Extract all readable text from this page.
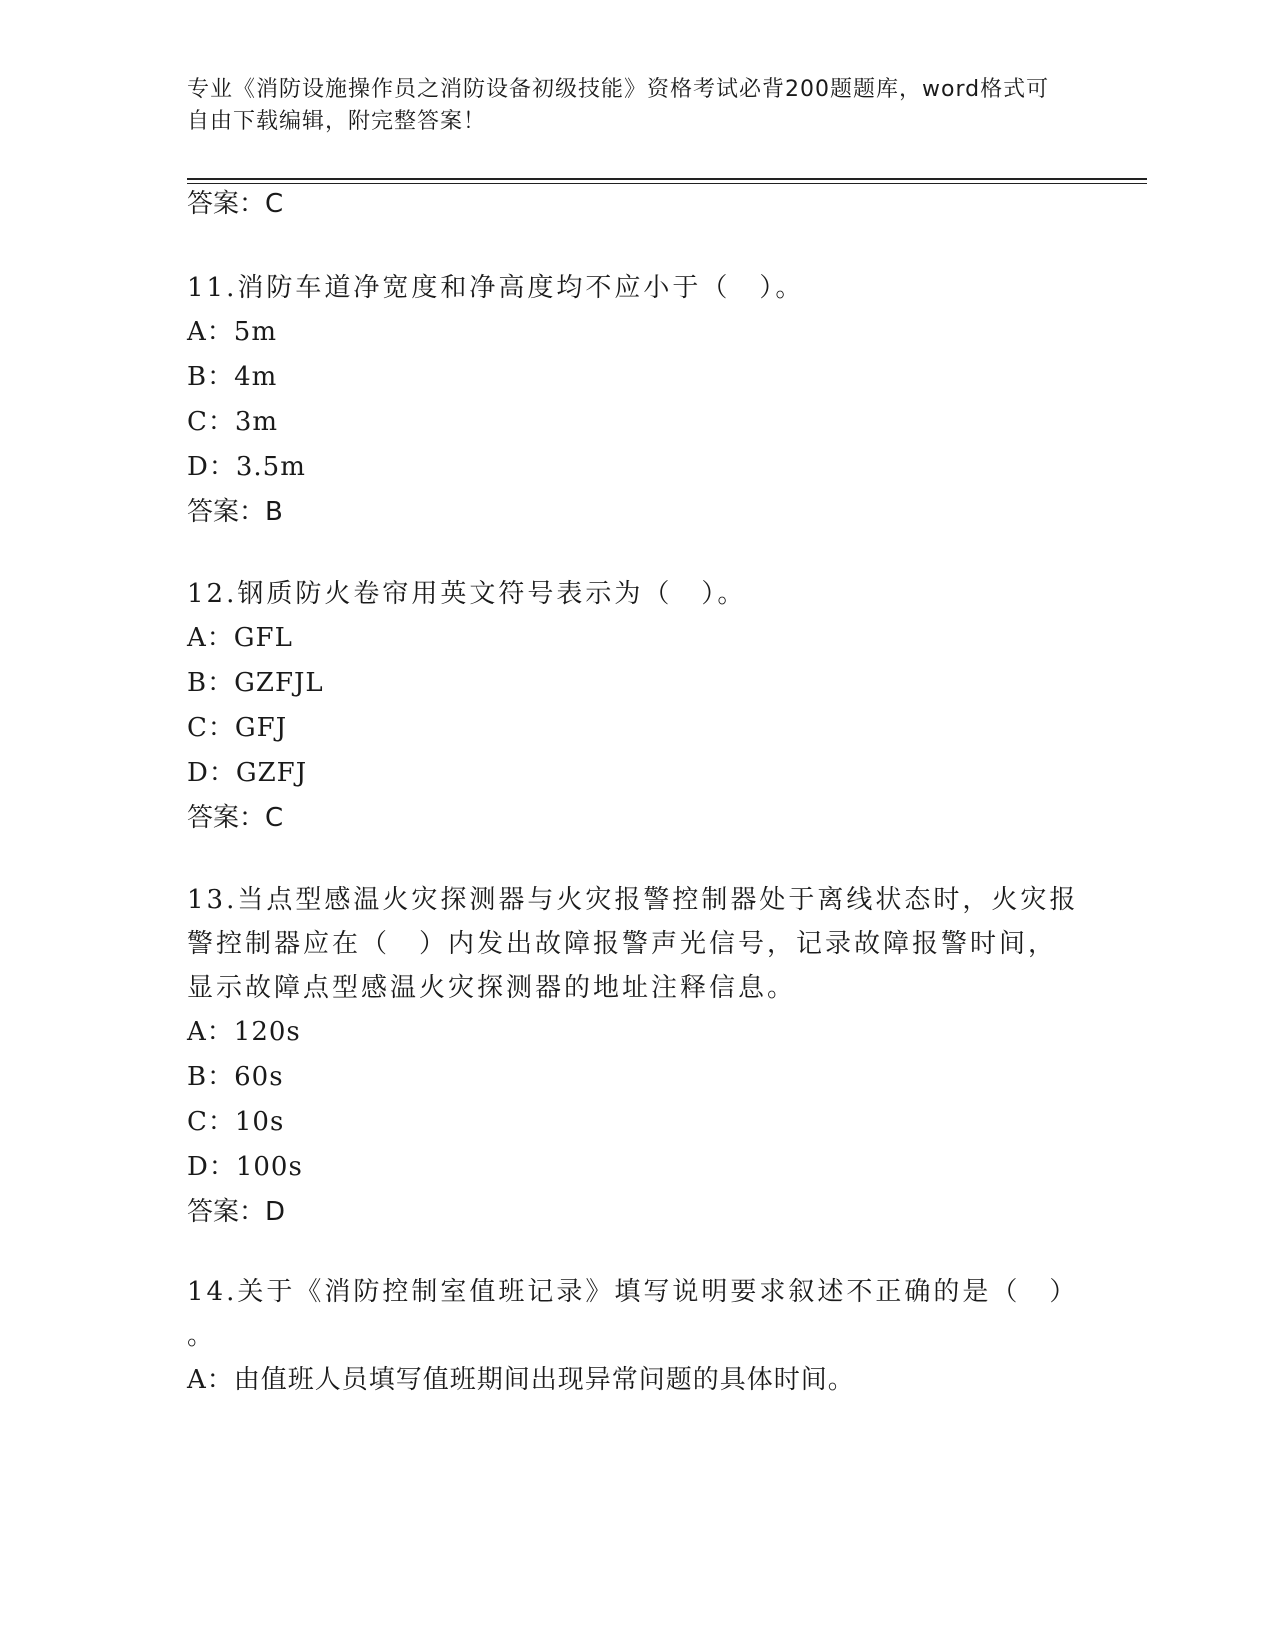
专业《消防设施操作员之消防设备初级技能》资格考试必背200题题库，word格式可自由下载编辑，附完整答案！
答案：C
11.消防车道净宽度和净高度均不应小于（　）。
A：5m
B：4m
C：3m
D：3.5m
答案：B
12.钢质防火卷帘用英文符号表示为（　）。
A：GFL
B：GZFJL
C：GFJ
D：GZFJ
答案：C
13.当点型感温火灾探测器与火灾报警控制器处于离线状态时，火灾报
警控制器应在（　）内发出故障报警声光信号，记录故障报警时间，
显示故障点型感温火灾探测器的地址注释信息。
A：120s
B：60s
C：10s
D：100s
答案：D
14.关于《消防控制室值班记录》填写说明要求叙述不正确的是（　）
。
A：由值班人员填写值班期间出现异常问题的具体时间。
